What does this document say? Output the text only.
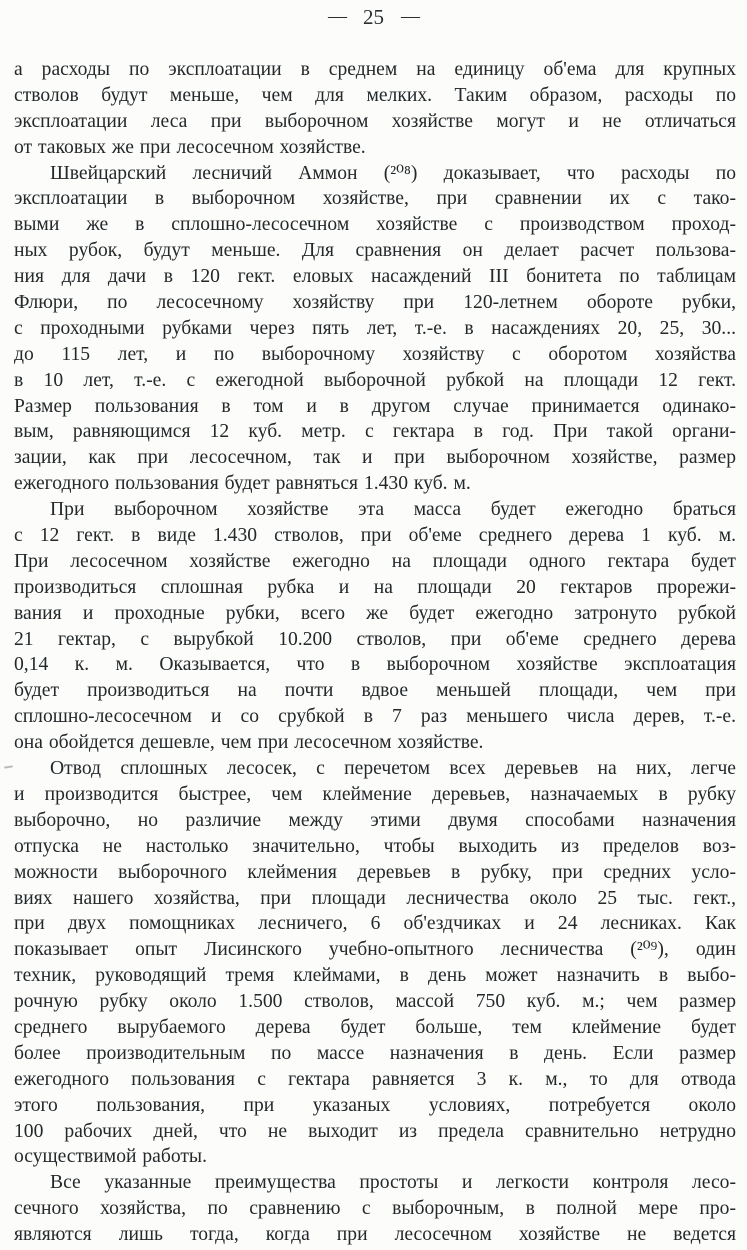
— 25 —
а расходы по эксплоатации в среднем на единицу об'ема для крупных
стволов будут меньше, чем для мелких. Таким образом, расходы по
эксплоатации леса при выборочном хозяйстве могут и не отличаться
от таковых же при лесосечном хозяйстве.
Швейцарский лесничий Аммон (²⁰⁸) доказывает, что расходы по
эксплоатации в выборочном хозяйстве, при сравнении их с тако-
выми же в сплошно-лесосечном хозяйстве с производством проход-
ных рубок, будут меньше. Для сравнения он делает расчет пользова-
ния для дачи в 120 гект. еловых насаждений III бонитета по таблицам
Флюри, по лесосечному хозяйству при 120-летнем обороте рубки,
с проходными рубками через пять лет, т.-е. в насаждениях 20, 25, 30...
до 115 лет, и по выборочному хозяйству с оборотом хозяйства
в 10 лет, т.-е. с ежегодной выборочной рубкой на площади 12 гект.
Размер пользования в том и в другом случае принимается одинако-
вым, равняющимся 12 куб. метр. с гектара в год. При такой органи-
зации, как при лесосечном, так и при выборочном хозяйстве, размер
ежегодного пользования будет равняться 1.430 куб. м.
При выборочном хозяйстве эта масса будет ежегодно браться
с 12 гект. в виде 1.430 стволов, при об'еме среднего дерева 1 куб. м.
При лесосечном хозяйстве ежегодно на площади одного гектара будет
производиться сплошная рубка и на площади 20 гектаров прорежи-
вания и проходные рубки, всего же будет ежегодно затронуто рубкой
21 гектар, с вырубкой 10.200 стволов, при об'еме среднего дерева
0,14 к. м. Оказывается, что в выборочном хозяйстве эксплоатация
будет производиться на почти вдвое меньшей площади, чем при
сплошно-лесосечном и со срубкой в 7 раз меньшего числа дерев, т.-е.
она обойдется дешевле, чем при лесосечном хозяйстве.
Отвод сплошных лесосек, с перечетом всех деревьев на них, легче
и производится быстрее, чем клеймение деревьев, назначаемых в рубку
выборочно, но различие между этими двумя способами назначения
отпуска не настолько значительно, чтобы выходить из пределов воз-
можности выборочного клеймения деревьев в рубку, при средних усло-
виях нашего хозяйства, при площади лесничества около 25 тыс. гект.,
при двух помощниках лесничего, 6 об'ездчиках и 24 лесниках. Как
показывает опыт Лисинского учебно-опытного лесничества (²⁰⁹), один
техник, руководящий тремя клеймами, в день может назначить в выбо-
рочную рубку около 1.500 стволов, массой 750 куб. м.; чем размер
среднего вырубаемого дерева будет больше, тем клеймение будет
более производительным по массе назначения в день. Если размер
ежегодного пользования с гектара равняется 3 к. м., то для отвода
этого пользования, при указаных условиях, потребуется около
100 рабочих дней, что не выходит из предела сравнительно нетрудно
осуществимой работы.
Все указанные преимущества простоты и легкости контроля лесо-
сечного хозяйства, по сравнению с выборочным, в полной мере про-
являются лишь тогда, когда при лесосечном хозяйстве не ведется
